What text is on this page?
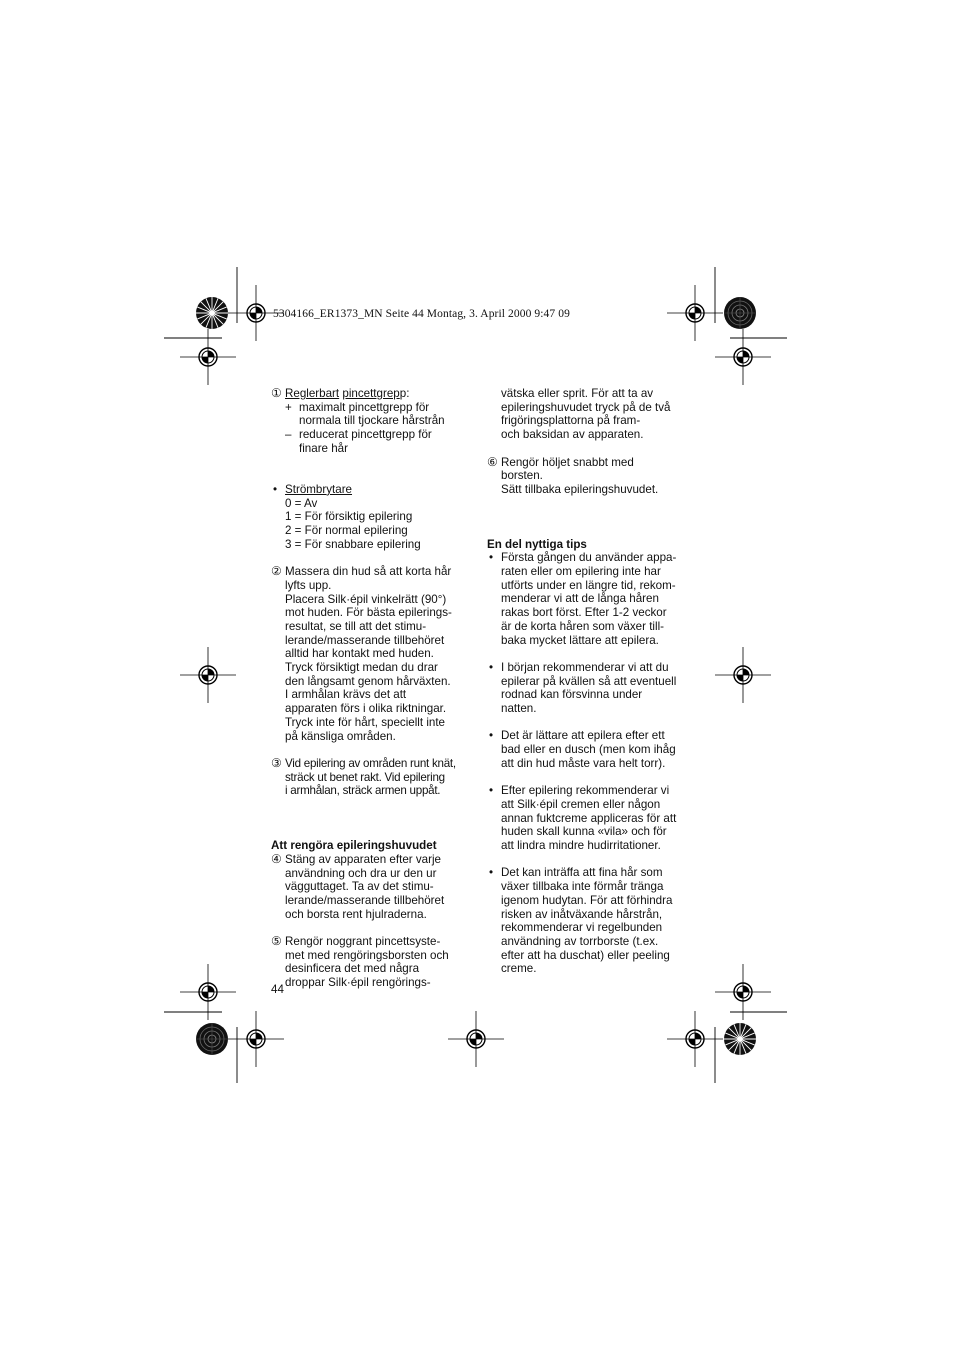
5304166_ER1373_MN Seite 44 Montag, 3. April 2000 9:47 09
① Reglerbart pincettgrepp:
+ maximalt pincettgrepp för
normala till tjockare hårstrån
– reducerat pincettgrepp för
finare hår
• Strömbrytare
0 = Av
1 = För försiktig epilering
2 = För normal epilering
3 = För snabbare epilering
② Massera din hud så att korta hår
lyfts upp.
Placera Silk·épil vinkelrätt (90°)
mot huden. För bästa epilerings-
resultat, se till att det stimu-
lerande/masserande tillbehöret
alltid har kontakt med huden.
Tryck försiktigt medan du drar
den långsamt genom hårväxten.
I armhålan krävs det att
apparaten förs i olika riktningar.
Tryck inte för hårt, speciellt inte
på känsliga områden.
③ Vid epilering av områden runt knät,
sträck ut benet rakt. Vid epilering
i armhålan, sträck armen uppåt.
Att rengöra epileringshuvudet
④ Stäng av apparaten efter varje
användning och dra ur den ur
vägguttaget. Ta av det stimu-
lerande/masserande tillbehöret
och borsta rent hjulraderna.
⑤ Rengör noggrant pincettsyste-
met med rengöringsborsten och
desinficera det med några
droppar Silk·épil rengörings-
44
vätska eller sprit. För att ta av
epileringshuvudet tryck på de två
frigöringsplattorna på fram-
och baksidan av apparaten.
⑥ Rengör höljet snabbt med
borsten.
Sätt tillbaka epileringshuvudet.
En del nyttiga tips
• Första gången du använder appa-
raten eller om epilering inte har
utförts under en längre tid, rekom-
menderar vi att de långa håren
rakas bort först. Efter 1-2 veckor
är de korta håren som växer till-
baka mycket lättare att epilera.
• I början rekommenderar vi att du
epilerar på kvällen så att eventuell
rodnad kan försvinna under
natten.
• Det är lättare att epilera efter ett
bad eller en dusch (men kom ihåg
att din hud måste vara helt torr).
• Efter epilering rekommenderar vi
att Silk·épil cremen eller någon
annan fuktcreme appliceras för att
huden skall kunna «vila» och för
att lindra mindre hudirritationer.
• Det kan inträffa att fina hår som
växer tillbaka inte förmår tränga
igenom hudytan. För att förhindra
risken av inåtväxande hårstrån,
rekommenderar vi regelbunden
användning av torrborste (t.ex.
efter att ha duschat) eller peeling
creme.
